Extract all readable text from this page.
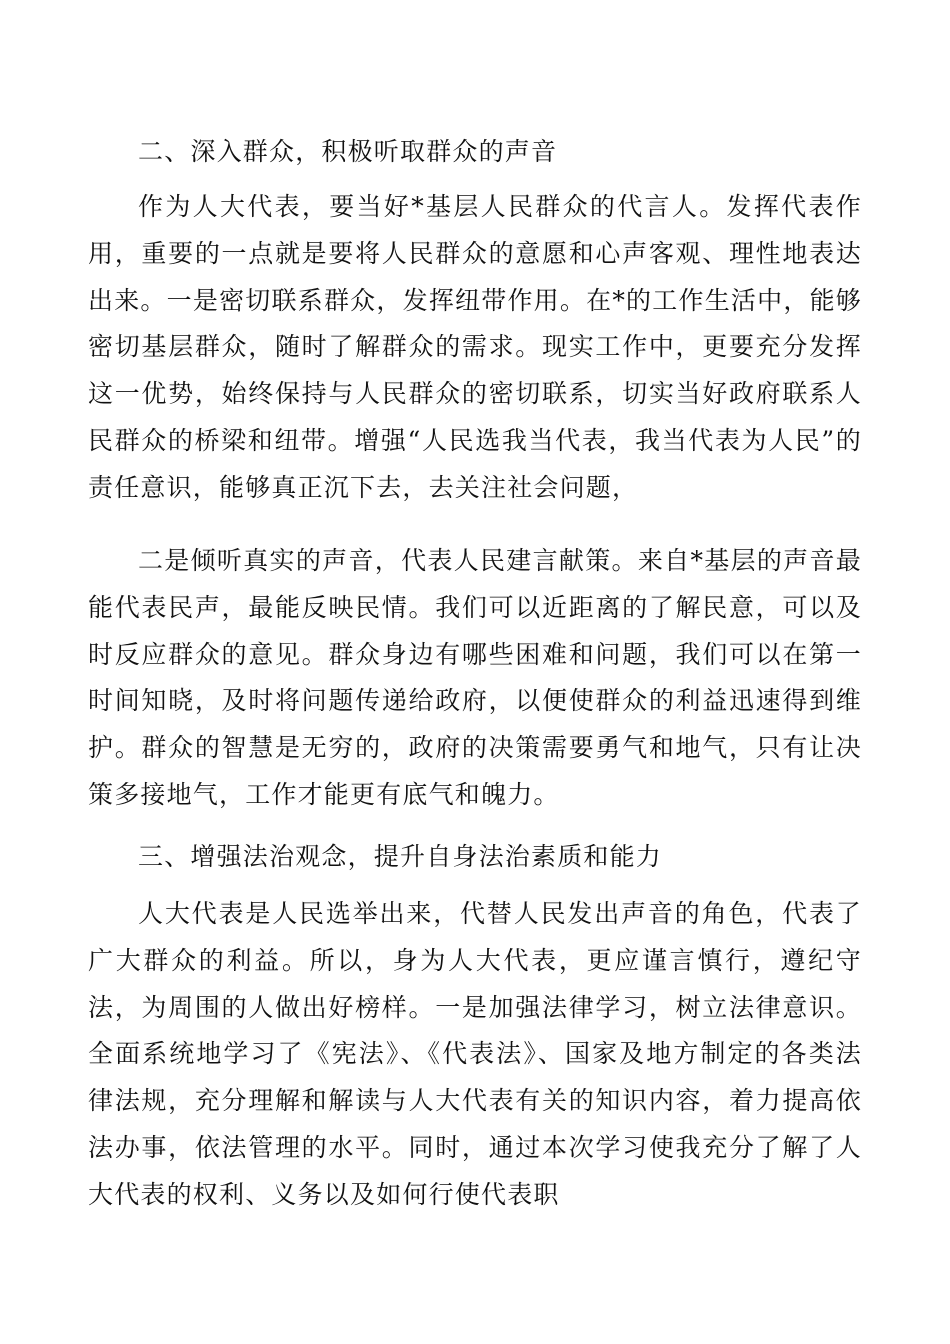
二、深入群众，积极听取群众的声音

作为人大代表，要当好*基层人民群众的代言人。发挥代表作用，重要的一点就是要将人民群众的意愿和心声客观、理性地表达出来。一是密切联系群众，发挥纽带作用。在*的工作生活中，能够密切基层群众，随时了解群众的需求。现实工作中，更要充分发挥这一优势，始终保持与人民群众的密切联系，切实当好政府联系人民群众的桥梁和纽带。增强“人民选我当代表，我当代表为人民”的责任意识，能够真正沉下去，去关注社会问题，

二是倾听真实的声音，代表人民建言献策。来自*基层的声音最能代表民声，最能反映民情。我们可以近距离的了解民意，可以及时反应群众的意见。群众身边有哪些困难和问题，我们可以在第一时间知晓，及时将问题传递给政府，以便使群众的利益迅速得到维护。群众的智慧是无穷的，政府的决策需要勇气和地气，只有让决策多接地气，工作才能更有底气和魄力。

三、增强法治观念，提升自身法治素质和能力

人大代表是人民选举出来，代替人民发出声音的角色，代表了广大群众的利益。所以，身为人大代表，更应谨言慎行，遵纪守法，为周围的人做出好榜样。一是加强法律学习，树立法律意识。全面系统地学习了《宪法》、《代表法》、国家及地方制定的各类法律法规，充分理解和解读与人大代表有关的知识内容，着力提高依法办事，依法管理的水平。同时，通过本次学习使我充分了解了人大代表的权利、义务以及如何行使代表职
